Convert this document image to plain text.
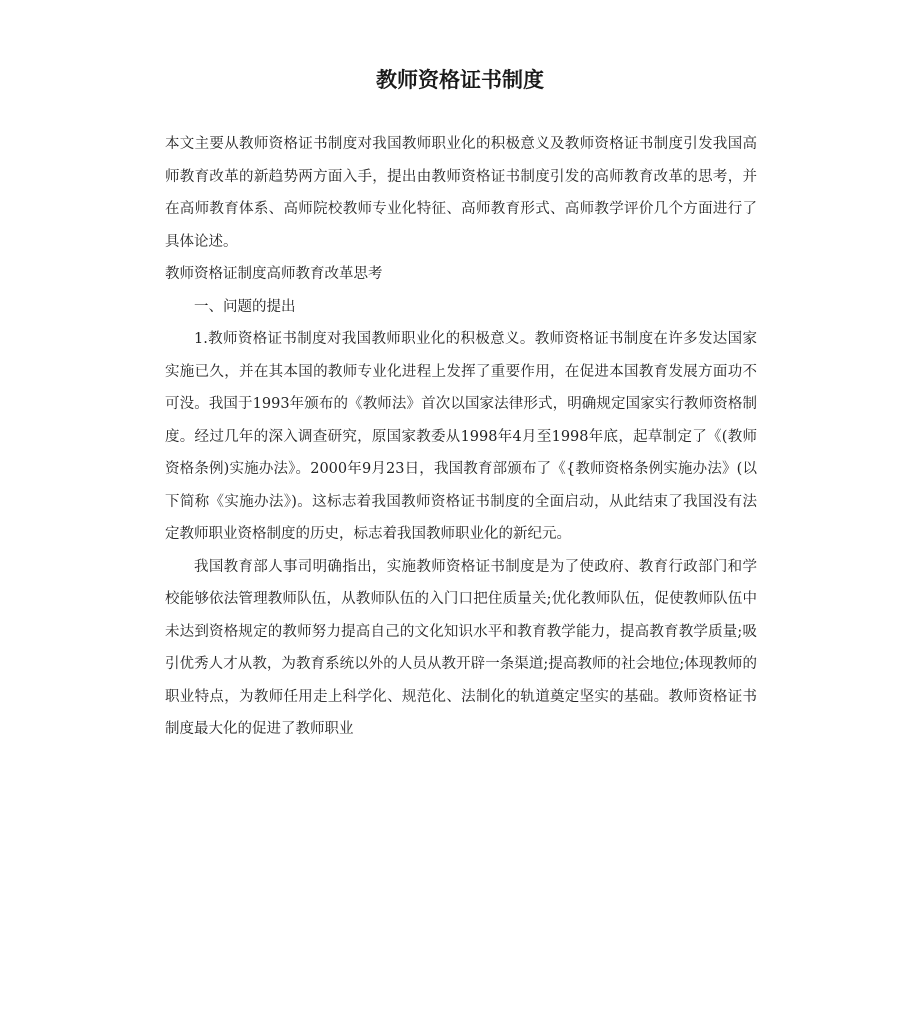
教师资格证书制度

本文主要从教师资格证书制度对我国教师职业化的积极意义及教师资格证书制度引发我国高师教育改革的新趋势两方面入手，提出由教师资格证书制度引发的高师教育改革的思考，并在高师教育体系、高师院校教师专业化特征、高师教育形式、高师教学评价几个方面进行了具体论述。

教师资格证制度高师教育改革思考

一、问题的提出

1.教师资格证书制度对我国教师职业化的积极意义。教师资格证书制度在许多发达国家实施已久，并在其本国的教师专业化进程上发挥了重要作用，在促进本国教育发展方面功不可没。我国于1993年颁布的《教师法》首次以国家法律形式，明确规定国家实行教师资格制度。经过几年的深入调查研究，原国家教委从1998年4月至1998年底，起草制定了《(教师资格条例)实施办法》。2000年9月23日，我国教育部颁布了《{教师资格条例实施办法》(以下简称《实施办法》)。这标志着我国教师资格证书制度的全面启动，从此结束了我国没有法定教师职业资格制度的历史，标志着我国教师职业化的新纪元。

我国教育部人事司明确指出，实施教师资格证书制度是为了使政府、教育行政部门和学校能够依法管理教师队伍，从教师队伍的入门口把住质量关;优化教师队伍，促使教师队伍中未达到资格规定的教师努力提高自己的文化知识水平和教育教学能力，提高教育教学质量;吸引优秀人才从教，为教育系统以外的人员从教开辟一条渠道;提高教师的社会地位;体现教师的职业特点，为教师任用走上科学化、规范化、法制化的轨道奠定坚实的基础。教师资格证书制度最大化的促进了教师职业
